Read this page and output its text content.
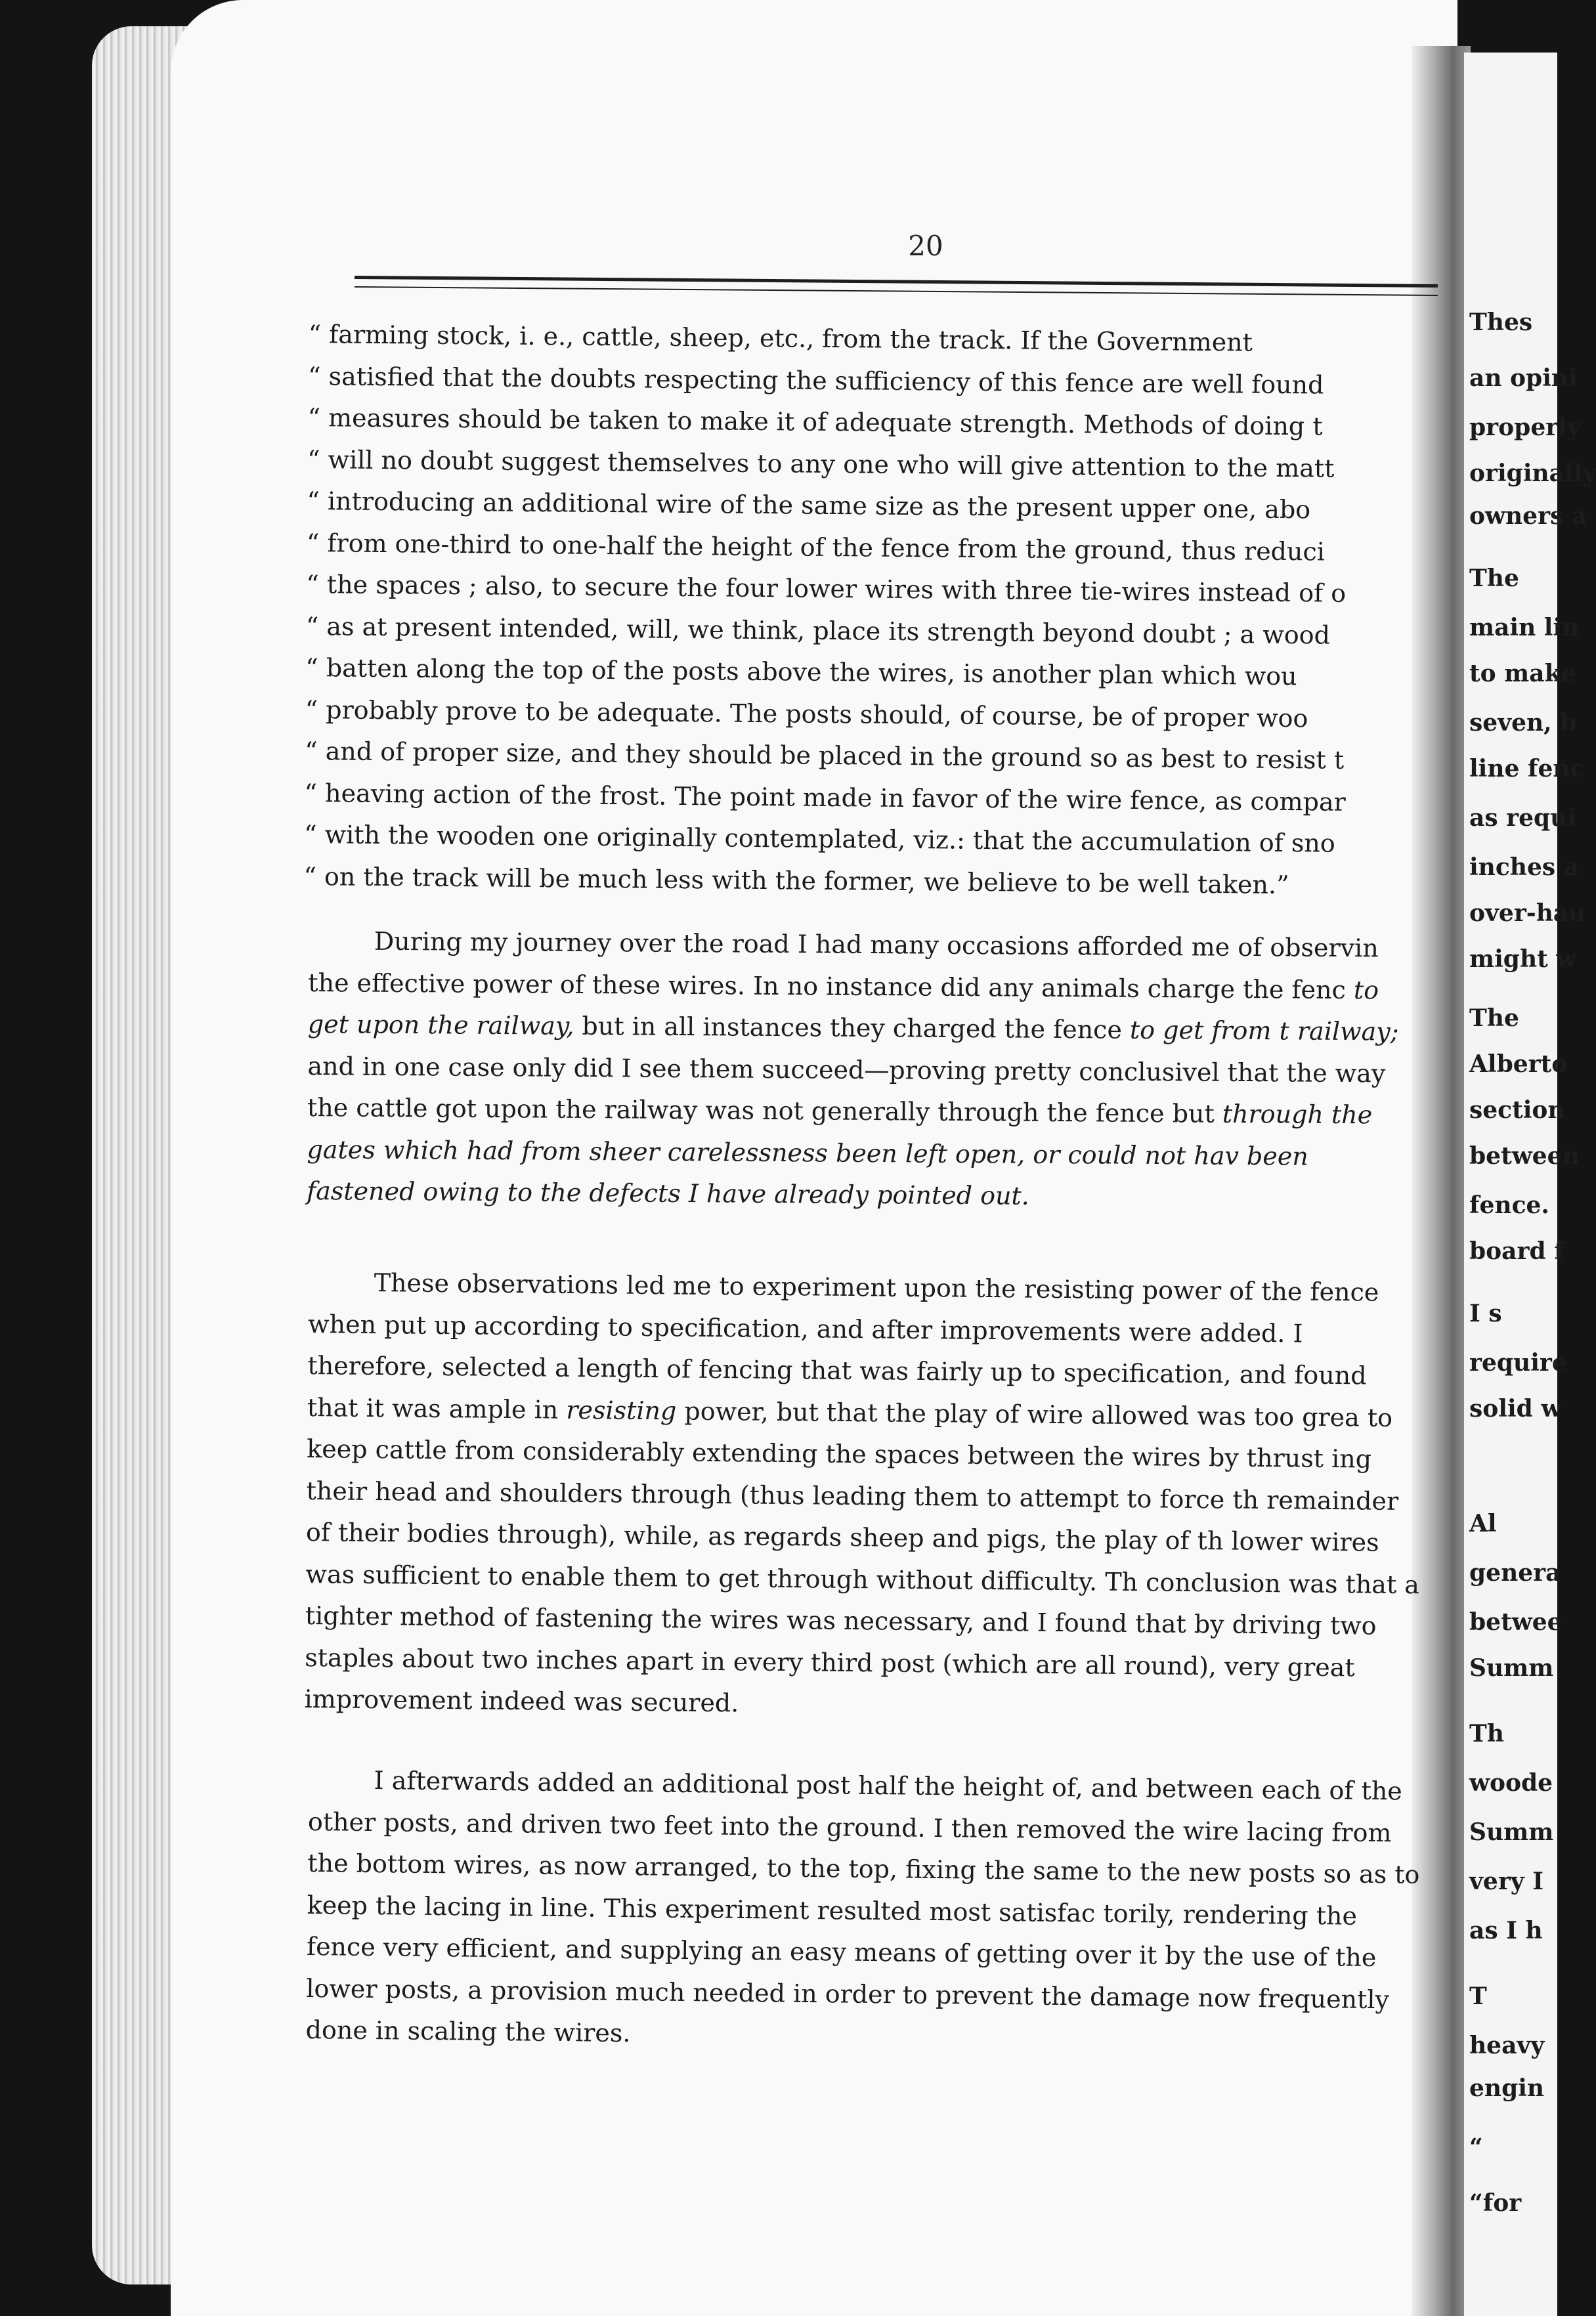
Thes
an opini
properly
originally
owners a
The
main lin
to make
seven, b
line fenc
as requi
inches a
over-hau
might w
The
Alberto
section
between
fence.
board f
I s
require
solid w
Al
genera
betwee
Summ
Th
woode
Summ
very I
as I h
T
heavy
engin
“
“for
20
“ farming stock, i. e., cattle, sheep, etc., from the track. If the Government
“ satisfied that the doubts respecting the sufficiency of this fence are well found
“ measures should be taken to make it of adequate strength. Methods of doing t
“ will no doubt suggest themselves to any one who will give attention to the matt
“ introducing an additional wire of the same size as the present upper one, abo
“ from one-third to one-half the height of the fence from the ground, thus reduci
“ the spaces ; also, to secure the four lower wires with three tie-wires instead of o
“ as at present intended, will, we think, place its strength beyond doubt ; a wood
“ batten along the top of the posts above the wires, is another plan which wou
“ probably prove to be adequate. The posts should, of course, be of proper woo
“ and of proper size, and they should be placed in the ground so as best to resist t
“ heaving action of the frost. The point made in favor of the wire fence, as compar
“ with the wooden one originally contemplated, viz.: that the accumulation of sno
“ on the track will be much less with the former, we believe to be well taken.”

During my journey over the road I had many occasions afforded me of observin the effective power of these wires. In no instance did any animals charge the fenc to get upon the railway, but in all instances they charged the fence to get from t railway; and in one case only did I see them succeed—proving pretty conclusivel that the way the cattle got upon the railway was not generally through the fence but through the gates which had from sheer carelessness been left open, or could not hav been fastened owing to the defects I have already pointed out.

These observations led me to experiment upon the resisting power of the fence when put up according to specification, and after improvements were added. I therefore, selected a length of fencing that was fairly up to specification, and found that it was ample in resisting power, but that the play of wire allowed was too grea to keep cattle from considerably extending the spaces between the wires by thrust ing their head and shoulders through (thus leading them to attempt to force th remainder of their bodies through), while, as regards sheep and pigs, the play of th lower wires was sufficient to enable them to get through without difficulty. Th conclusion was that a tighter method of fastening the wires was necessary, and I found that by driving two staples about two inches apart in every third post (which are all round), very great improvement indeed was secured.

I afterwards added an additional post half the height of, and between each of the other posts, and driven two feet into the ground. I then removed the wire lacing from the bottom wires, as now arranged, to the top, fixing the same to the new posts so as to keep the lacing in line. This experiment resulted most satisfac torily, rendering the fence very efficient, and supplying an easy means of getting over it by the use of the lower posts, a provision much needed in order to prevent the damage now frequently done in scaling the wires.
